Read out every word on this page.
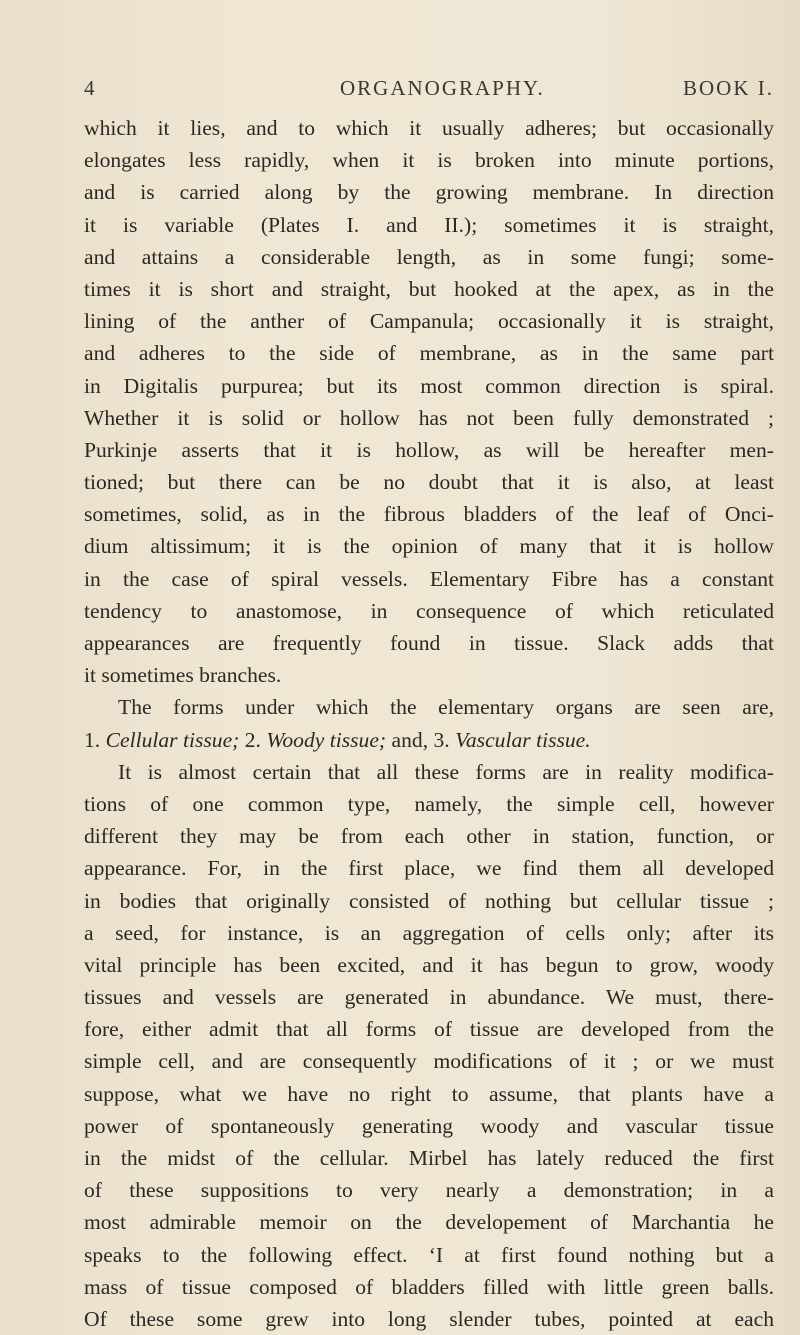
4	ORGANOGRAPHY.	BOOK I.
which it lies, and to which it usually adheres; but occasionally
elongates less rapidly, when it is broken into minute portions,
and is carried along by the growing membrane. In direction
it is variable (Plates I. and II.); sometimes it is straight,
and attains a considerable length, as in some fungi; some-
times it is short and straight, but hooked at the apex, as in the
lining of the anther of Campanula; occasionally it is straight,
and adheres to the side of membrane, as in the same part
in Digitalis purpurea; but its most common direction is spiral.
Whether it is solid or hollow has not been fully demonstrated ;
Purkinje asserts that it is hollow, as will be hereafter men-
tioned; but there can be no doubt that it is also, at least
sometimes, solid, as in the fibrous bladders of the leaf of Onci-
dium altissimum; it is the opinion of many that it is hollow
in the case of spiral vessels. Elementary Fibre has a constant
tendency to anastomose, in consequence of which reticulated
appearances are frequently found in tissue. Slack adds that
it sometimes branches.
The forms under which the elementary organs are seen are,
1. Cellular tissue; 2. Woody tissue; and, 3. Vascular tissue.
It is almost certain that all these forms are in reality modifica-
tions of one common type, namely, the simple cell, however
different they may be from each other in station, function, or
appearance. For, in the first place, we find them all developed
in bodies that originally consisted of nothing but cellular tissue ;
a seed, for instance, is an aggregation of cells only; after its
vital principle has been excited, and it has begun to grow, woody
tissues and vessels are generated in abundance. We must, there-
fore, either admit that all forms of tissue are developed from the
simple cell, and are consequently modifications of it ; or we must
suppose, what we have no right to assume, that plants have a
power of spontaneously generating woody and vascular tissue
in the midst of the cellular. Mirbel has lately reduced the first
of these suppositions to very nearly a demonstration; in a
most admirable memoir on the developement of Marchantia he
speaks to the following effect. ‘I at first found nothing but a
mass of tissue composed of bladders filled with little green balls.
Of these some grew into long slender tubes, pointed at each
